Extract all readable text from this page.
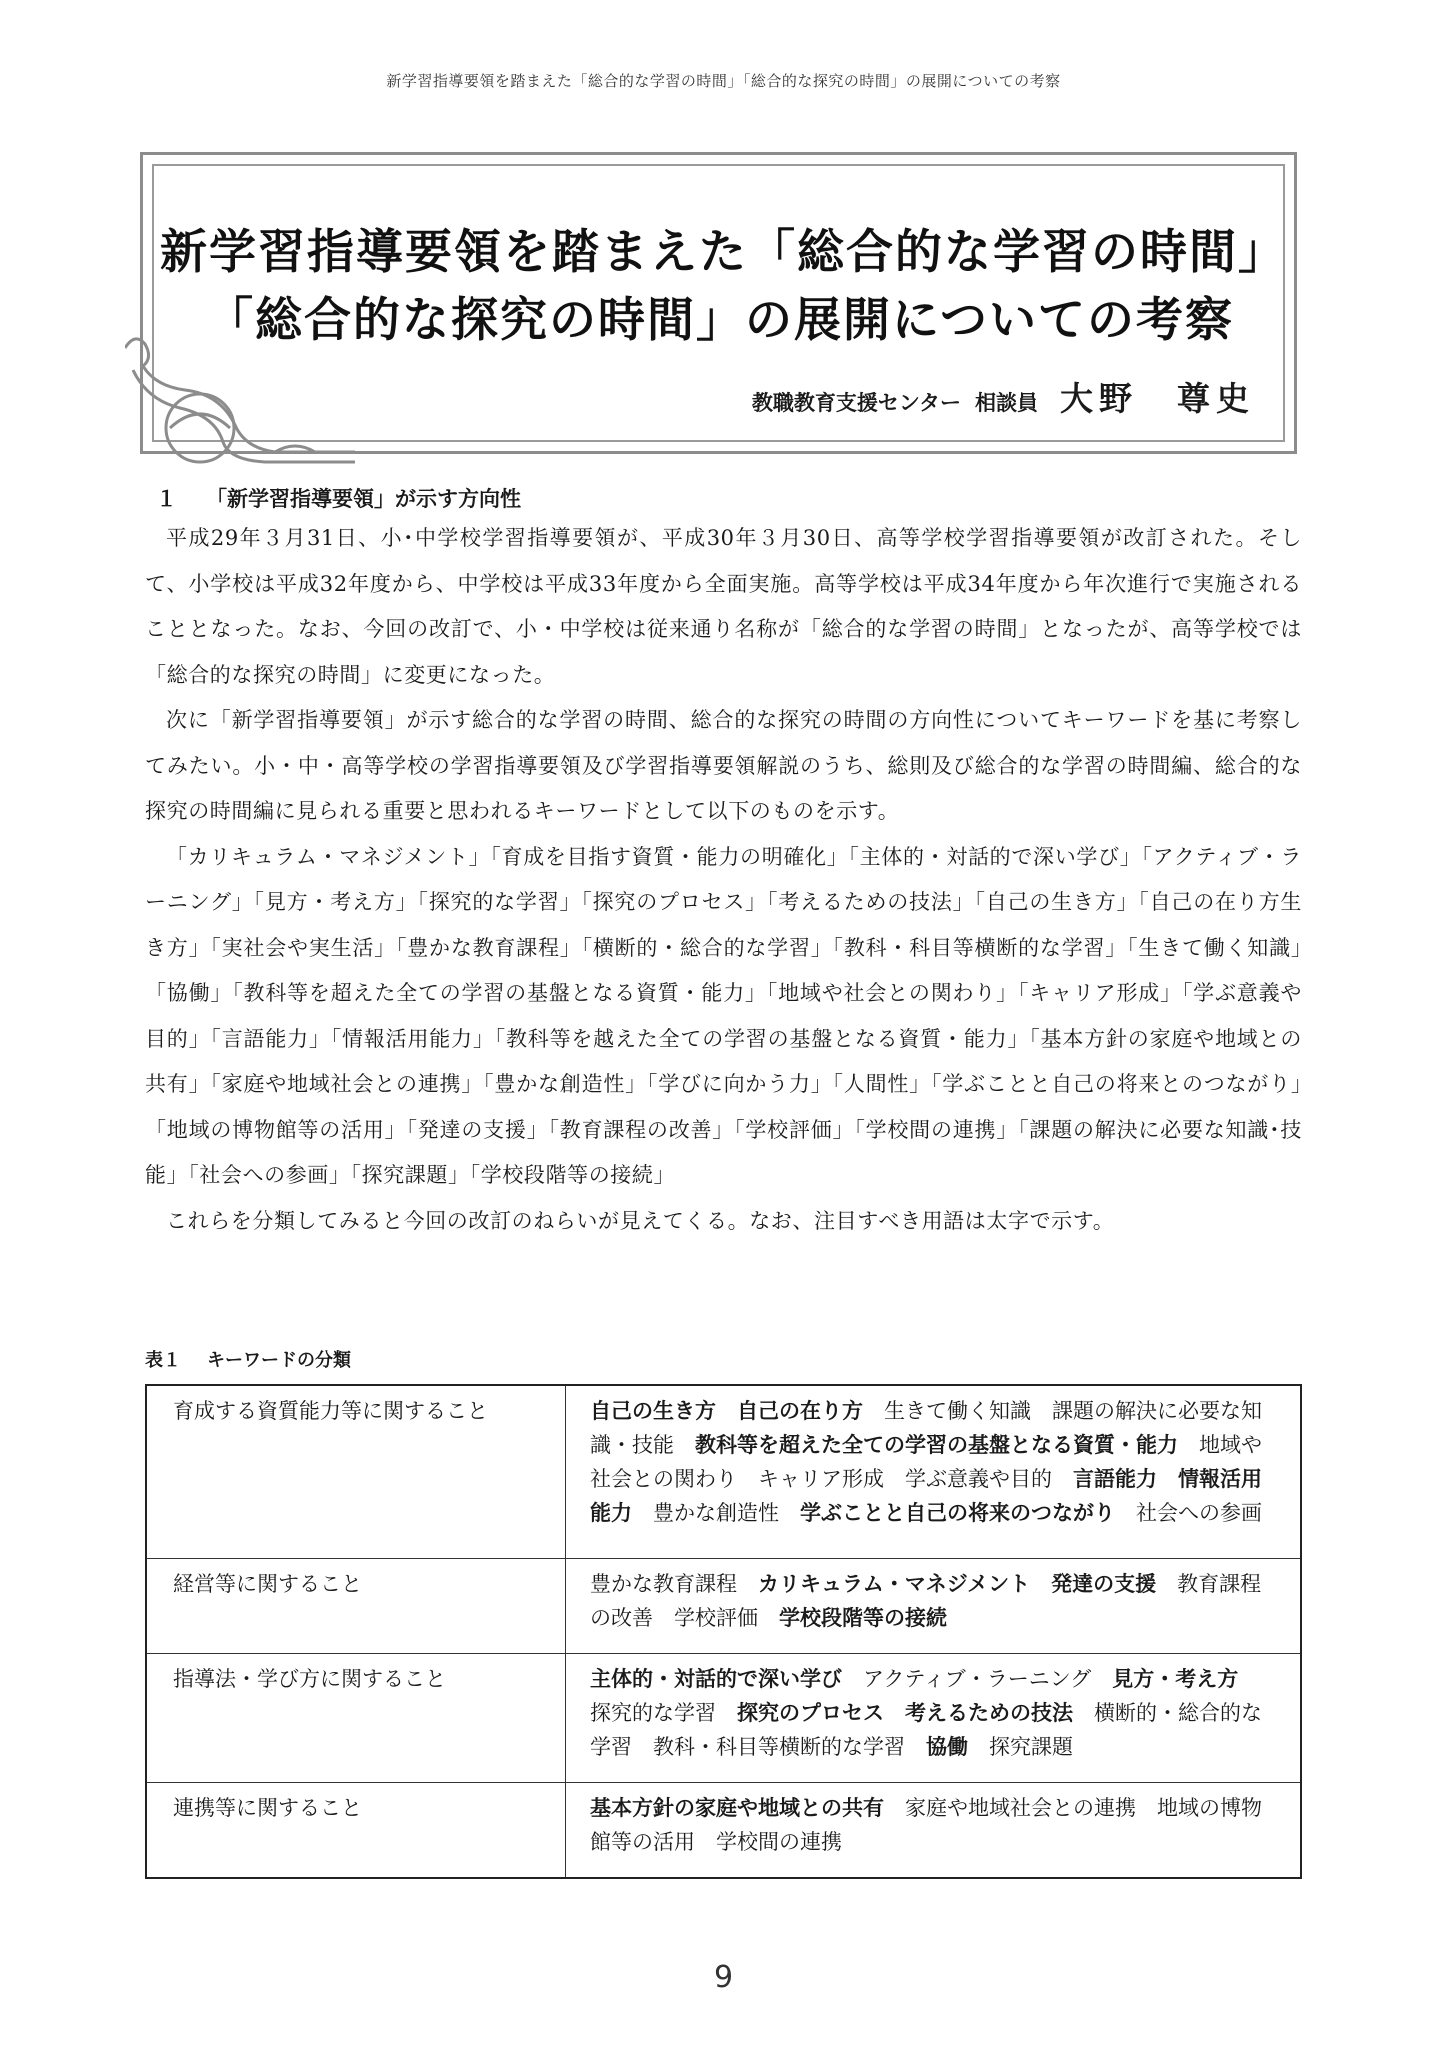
新学習指導要領を踏まえた「総合的な学習の時間」「総合的な探究の時間」の展開についての考察
新学習指導要領を踏まえた「総合的な学習の時間」
「総合的な探究の時間」の展開についての考察
教職教育支援センター 相談員 大野　尊史
１ 「新学習指導要領」が示す方向性

平成29年３月31日、小･中学校学習指導要領が、平成30年３月30日、高等学校学習指導要領が改訂された。そして、小学校は平成32年度から、中学校は平成33年度から全面実施。高等学校は平成34年度から年次進行で実施されることとなった。なお、今回の改訂で、小・中学校は従来通り名称が「総合的な学習の時間」となったが、高等学校では「総合的な探究の時間」に変更になった。

次に「新学習指導要領」が示す総合的な学習の時間、総合的な探究の時間の方向性についてキーワードを基に考察してみたい。小・中・高等学校の学習指導要領及び学習指導要領解説のうち、総則及び総合的な学習の時間編、総合的な探究の時間編に見られる重要と思われるキーワードとして以下のものを示す。

「カリキュラム・マネジメント」「育成を目指す資質・能力の明確化」「主体的・対話的で深い学び」「アクティブ・ラーニング」「見方・考え方」「探究的な学習」「探究のプロセス」「考えるための技法」「自己の生き方」「自己の在り方生き方」「実社会や実生活」「豊かな教育課程」「横断的・総合的な学習」「教科・科目等横断的な学習」「生きて働く知識」「協働」「教科等を超えた全ての学習の基盤となる資質・能力」「地域や社会との関わり」「キャリア形成」「学ぶ意義や目的」「言語能力」「情報活用能力」「教科等を越えた全ての学習の基盤となる資質・能力」「基本方針の家庭や地域との共有」「家庭や地域社会との連携」「豊かな創造性」「学びに向かう力」「人間性」「学ぶことと自己の将来とのつながり」「地域の博物館等の活用」「発達の支援」「教育課程の改善」「学校評価」「学校間の連携」「課題の解決に必要な知識･技能」「社会への参画」「探究課題」「学校段階等の接続」

これらを分類してみると今回の改訂のねらいが見えてくる。なお、注目すべき用語は太字で示す。

表１ キーワードの分類
育成する資質能力等に関すること	自己の生き方　 自己の在り方　 生きて働く知識　 課題の解決に必要な知識・技能　 教科等を超えた全ての学習の基盤となる資質・能力　 地域や社会との関わり　 キャリア形成　 学ぶ意義や目的　 言語能力　 情報活用能力　 豊かな創造性　 学ぶことと自己の将来のつながり　 社会への参画
経営等に関すること	豊かな教育課程　 カリキュラム・マネジメント　 発達の支援　 教育課程の改善　 学校評価　 学校段階等の接続
指導法・学び方に関すること	主体的・対話的で深い学び　 アクティブ・ラーニング　 見方・考え方　探究的な学習　 探究のプロセス　 考えるための技法　 横断的・総合的な学習　 教科・科目等横断的な学習　 協働　 探究課題
連携等に関すること	基本方針の家庭や地域との共有　 家庭や地域社会との連携　 地域の博物館等の活用　 学校間の連携
9
